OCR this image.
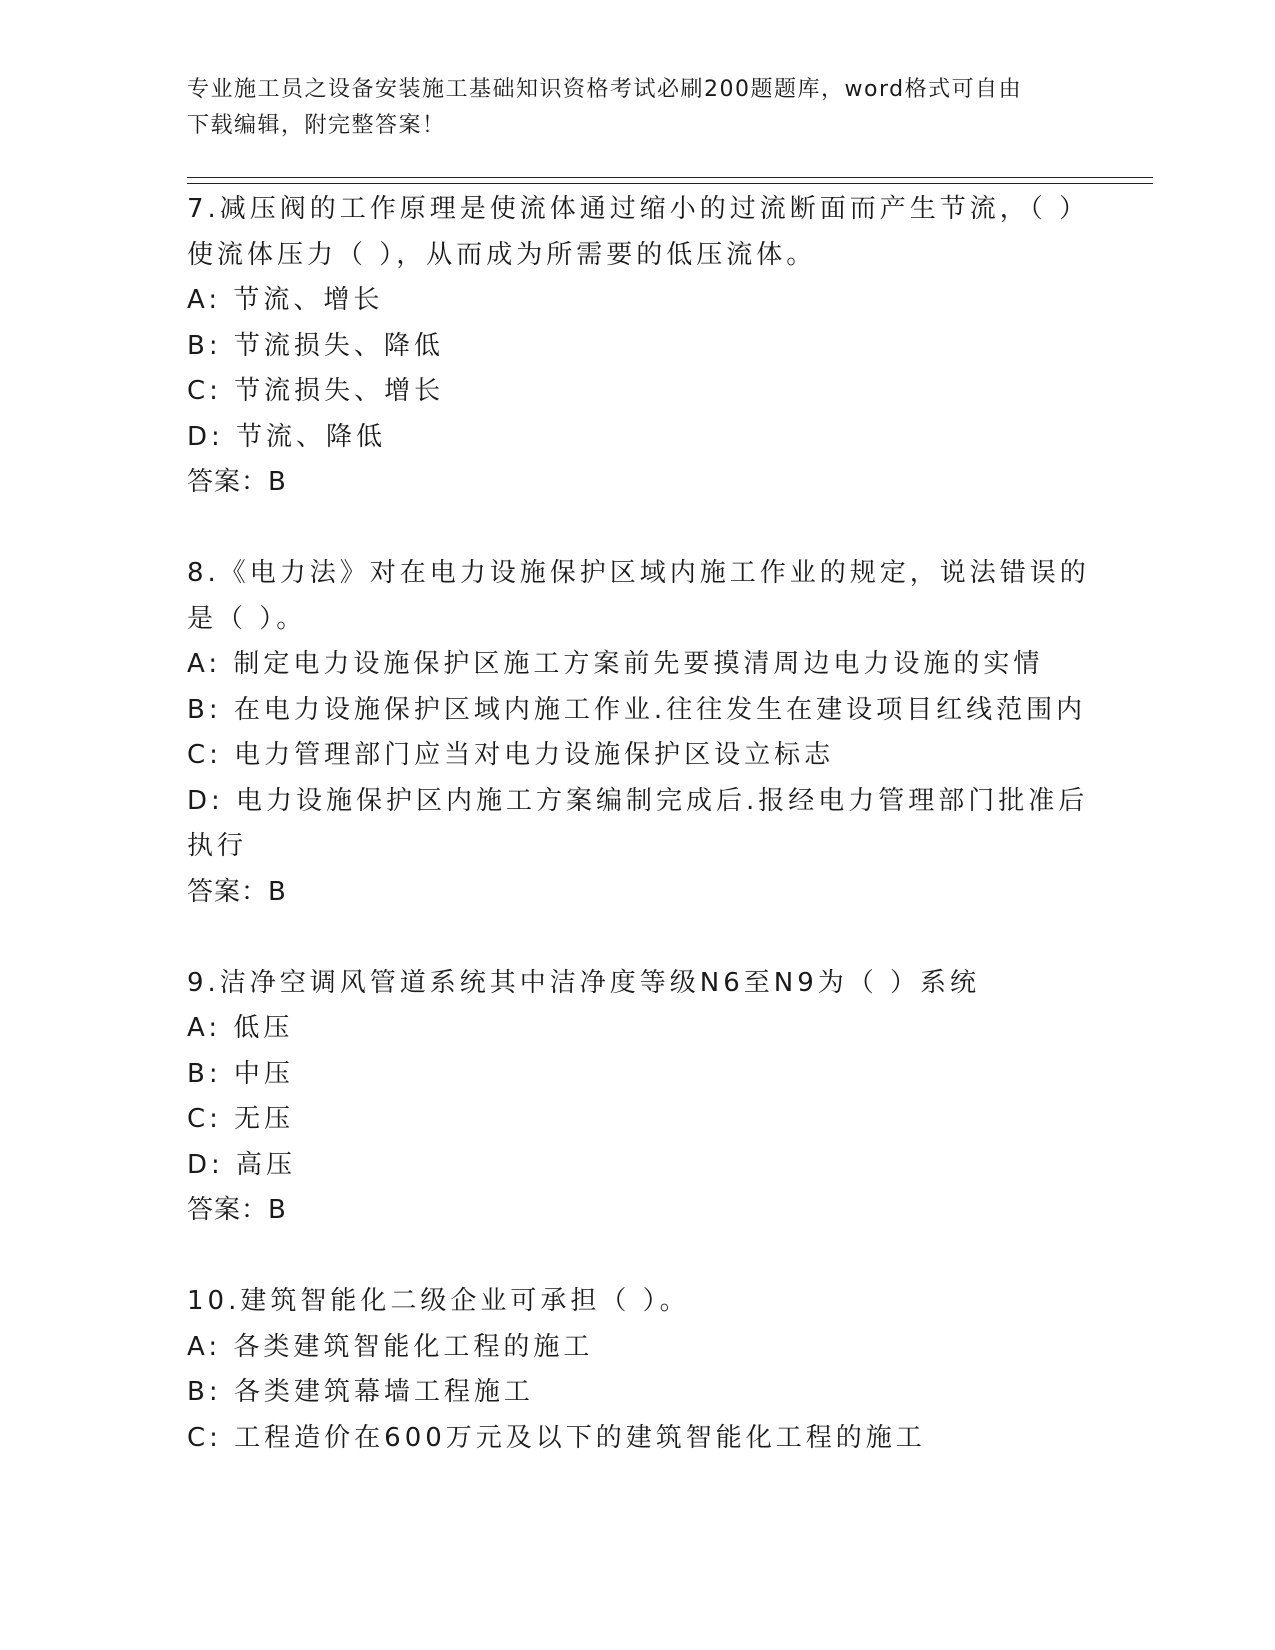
专业施工员之设备安装施工基础知识资格考试必刷200题题库，word格式可自由
下载编辑，附完整答案！
7.减压阀的工作原理是使流体通过缩小的过流断面而产生节流，（ ）
使流体压力（ ），从而成为所需要的低压流体。
A: 节流、增长
B: 节流损失、降低
C: 节流损失、增长
D: 节流、降低
答案：B
8.《电力法》对在电力设施保护区域内施工作业的规定，说法错误的
是（ ）。
A: 制定电力设施保护区施工方案前先要摸清周边电力设施的实情
B: 在电力设施保护区域内施工作业.往往发生在建设项目红线范围内
C: 电力管理部门应当对电力设施保护区设立标志
D: 电力设施保护区内施工方案编制完成后.报经电力管理部门批准后
执行
答案：B
9.洁净空调风管道系统其中洁净度等级N6至N9为（ ）系统
A: 低压
B: 中压
C: 无压
D: 高压
答案：B
10.建筑智能化二级企业可承担（ ）。
A: 各类建筑智能化工程的施工
B: 各类建筑幕墙工程施工
C: 工程造价在600万元及以下的建筑智能化工程的施工
